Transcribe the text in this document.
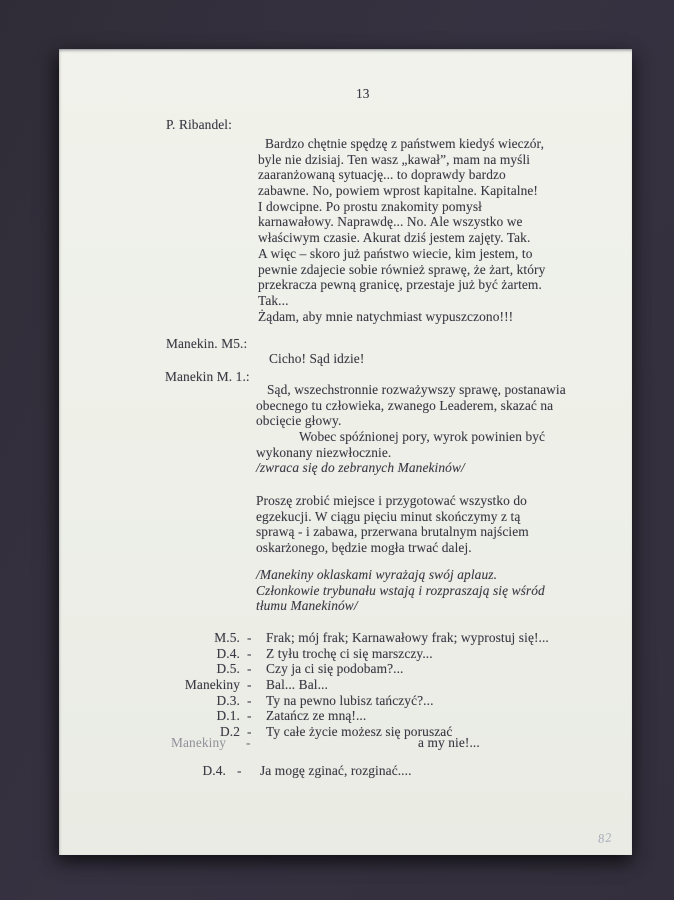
13
P. Ribandel:
Bardzo chętnie spędzę z państwem kiedyś wieczór,
byle nie dzisiaj. Ten wasz „kawał”, mam na myśli
zaaranżowaną sytuację... to doprawdy bardzo
zabawne. No, powiem wprost kapitalne. Kapitalne!
I dowcipne. Po prostu znakomity pomysł
karnawałowy. Naprawdę... No. Ale wszystko we
właściwym czasie. Akurat dziś jestem zajęty. Tak.
A więc – skoro już państwo wiecie, kim jestem, to
pewnie zdajecie sobie również sprawę, że żart, który
przekracza pewną granicę, przestaje już być żartem.
Tak...
Żądam, aby mnie natychmiast wypuszczono!!!
Manekin. M5.:
Cicho! Sąd idzie!
Manekin M. 1.:
Sąd, wszechstronnie rozważywszy sprawę, postanawia
obecnego tu człowieka, zwanego Leaderem, skazać na
obcięcie głowy.
Wobec spóźnionej pory, wyrok powinien być
wykonany niezwłocznie.
/zwraca się do zebranych Manekinów/
Proszę zrobić miejsce i przygotować wszystko do
egzekucji. W ciągu pięciu minut skończymy z tą
sprawą - i zabawa, przerwana brutalnym najściem
oskarżonego, będzie mogła trwać dalej.
/Manekiny oklaskami wyrażają swój aplauz.
Członkowie trybunału wstają i rozpraszają się wśród
tłumu Manekinów/
M.5. - Frak; mój frak; Karnawałowy frak; wyprostuj się!...
D.4. - Z tyłu trochę ci się marszczy...
D.5. - Czy ja ci się podobam?...
Manekiny - Bal... Bal...
D.3. - Ty na pewno lubisz tańczyć?...
D.1. - Zatańcz ze mną!...
D.2 - Ty całe życie możesz się poruszać
Manekiny -	a my nie!...
D.4. - Ja mogę zginać, rozginać....
82
